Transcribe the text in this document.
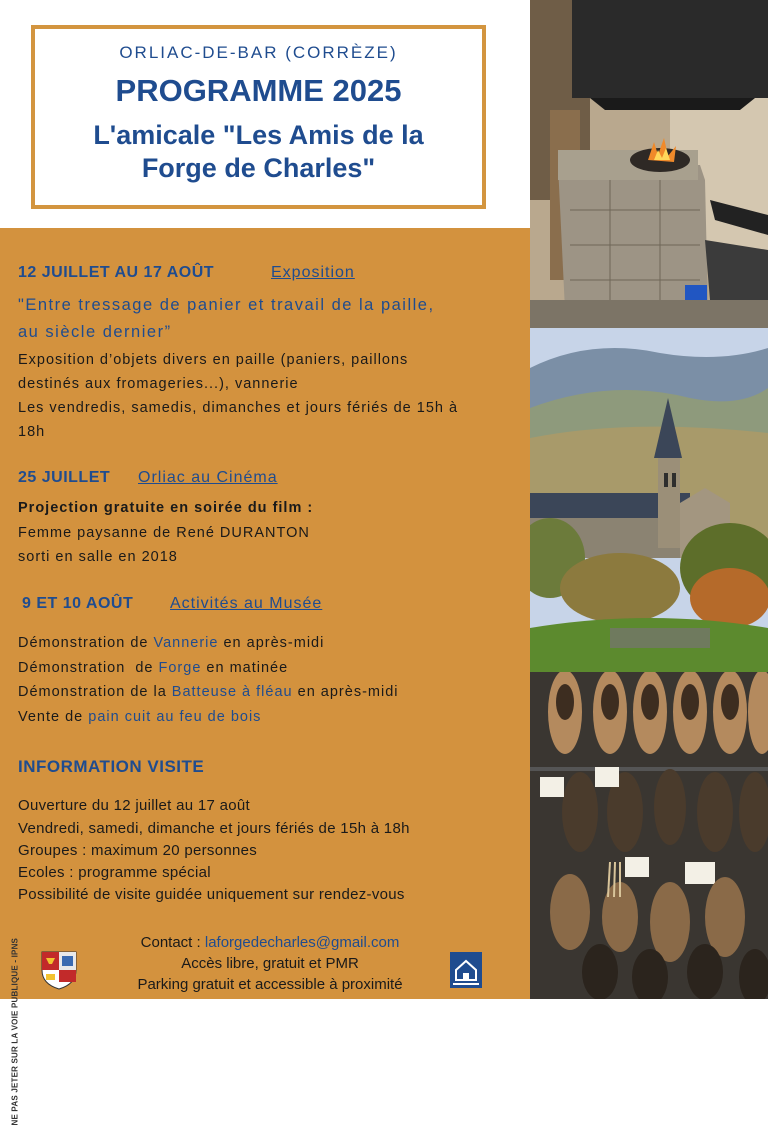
ORLIAC-DE-BAR (CORRÈZE)
PROGRAMME 2025
L'amicale "Les Amis de la Forge de Charles"
12 JUILLET AU 17 AOÛT	Exposition
"Entre tressage de panier et travail de la paille,
au siècle dernier”
Exposition d’objets divers en paille (paniers, paillons
destinés aux fromageries...), vannerie
Les vendredis, samedis, dimanches et jours fériés de 15h à
18h
25 JUILLET Orliac au Cinéma
Projection gratuite en soirée du film :
Femme paysanne de René DURANTON
sorti en salle en 2018
9 ET 10 AOÛT Activités au Musée
Démonstration de Vannerie en après-midi
Démonstration  de Forge en matinée
Démonstration de la Batteuse à fléau en après-midi
Vente de pain cuit au feu de bois
INFORMATION VISITE
Ouverture du 12 juillet au 17 août
Vendredi, samedi, dimanche et jours fériés de 15h à 18h
Groupes : maximum 20 personnes
Ecoles : programme spécial
Possibilité de visite guidée uniquement sur rendez-vous
NE PAS JETER SUR LA VOIE PUBLIQUE - IPNS	Contact : laforgedecharles@gmail.com
Accès libre, gratuit et PMR
Parking gratuit et accessible à proximité
